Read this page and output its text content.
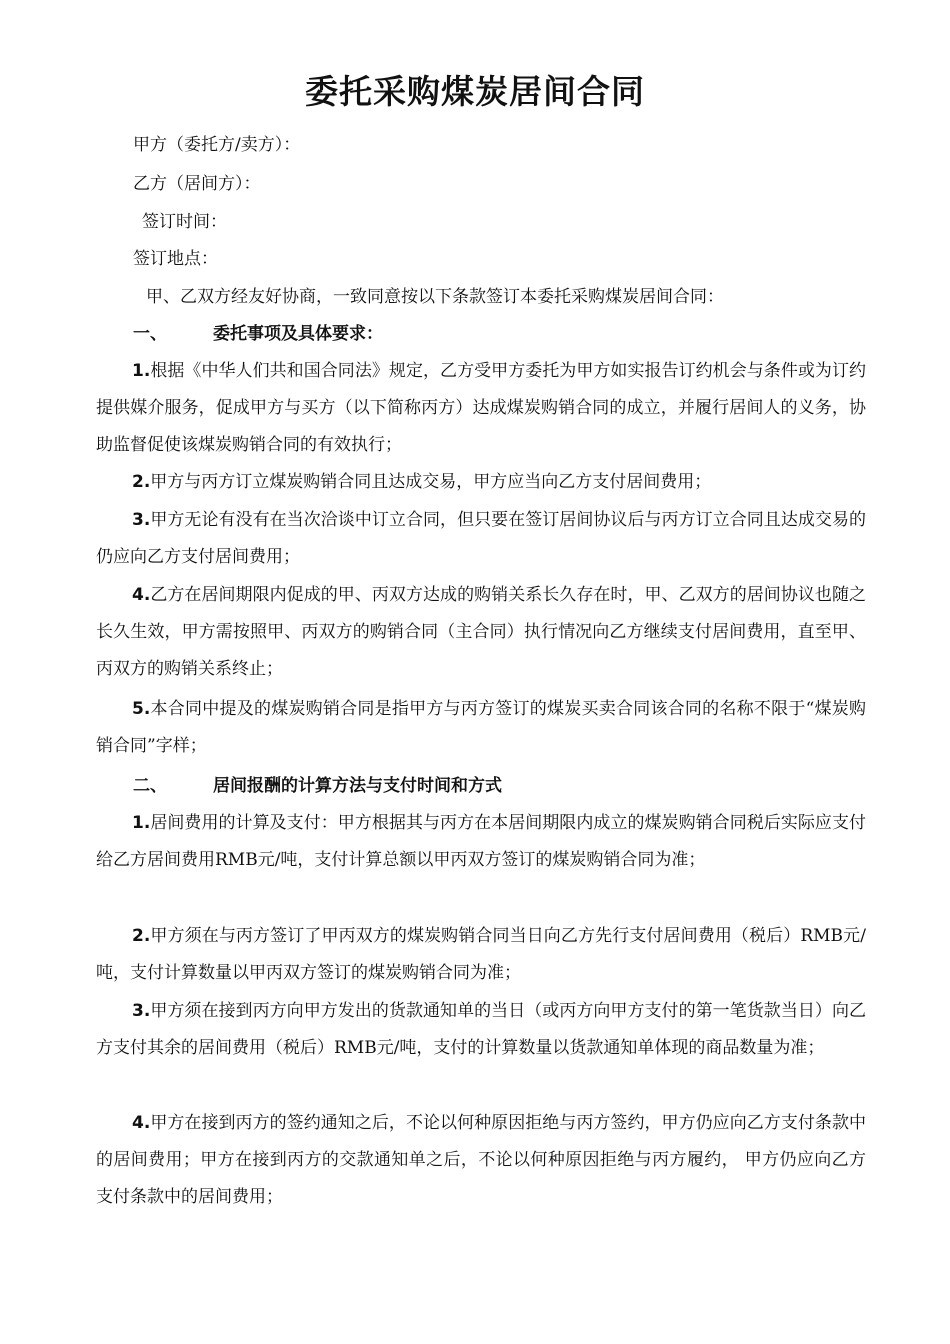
委托采购煤炭居间合同
甲方（委托方/卖方）：
乙方（居间方）：
签订时间：
签订地点：
甲、乙双方经友好协商，一致同意按以下条款签订本委托采购煤炭居间合同：
一、	委托事项及具体要求：
1.根据《中华人们共和国合同法》规定，乙方受甲方委托为甲方如实报告订约机会与条件或为订约提供媒介服务，促成甲方与买方（以下简称丙方）达成煤炭购销合同的成立，并履行居间人的义务，协助监督促使该煤炭购销合同的有效执行；
2.甲方与丙方订立煤炭购销合同且达成交易，甲方应当向乙方支付居间费用；
3.甲方无论有没有在当次洽谈中订立合同，但只要在签订居间协议后与丙方订立合同且达成交易的仍应向乙方支付居间费用；
4.乙方在居间期限内促成的甲、丙双方达成的购销关系长久存在时，甲、乙双方的居间协议也随之长久生效，甲方需按照甲、丙双方的购销合同（主合同）执行情况向乙方继续支付居间费用，直至甲、丙双方的购销关系终止；
5.本合同中提及的煤炭购销合同是指甲方与丙方签订的煤炭买卖合同该合同的名称不限于“煤炭购销合同”字样；
二、	居间报酬的计算方法与支付时间和方式
1.居间费用的计算及支付：甲方根据其与丙方在本居间期限内成立的煤炭购销合同税后实际应支付给乙方居间费用RMB元/吨，支付计算总额以甲丙双方签订的煤炭购销合同为准；
2.甲方须在与丙方签订了甲丙双方的煤炭购销合同当日向乙方先行支付居间费用（税后）RMB元/吨，支付计算数量以甲丙双方签订的煤炭购销合同为准；
3.甲方须在接到丙方向甲方发出的货款通知单的当日（或丙方向甲方支付的第一笔货款当日）向乙方支付其余的居间费用（税后）RMB元/吨，支付的计算数量以货款通知单体现的商品数量为准；
4.甲方在接到丙方的签约通知之后，不论以何种原因拒绝与丙方签约，甲方仍应向乙方支付条款中的居间费用；甲方在接到丙方的交款通知单之后，不论以何种原因拒绝与丙方履约， 甲方仍应向乙方支付条款中的居间费用；
